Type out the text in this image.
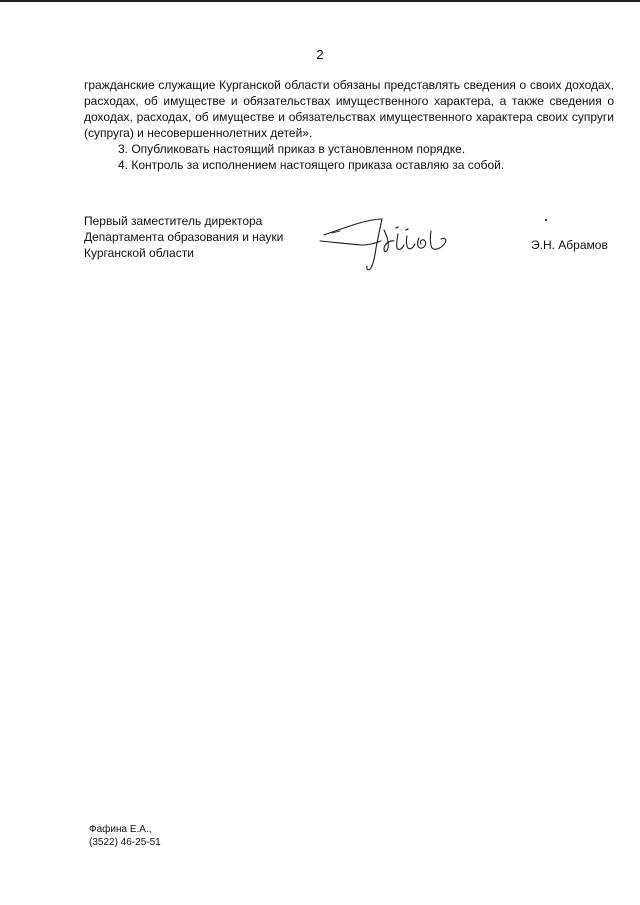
2

гражданские служащие Курганской области обязаны представлять сведения о своих доходах, расходах, об имуществе и обязательствах имущественного характера, а также сведения о доходах, расходах, об имуществе и обязательствах имущественного характера своих супруги (супруга) и несовершеннолетних детей».

3. Опубликовать настоящий приказ в установленном порядке.

4. Контроль за исполнением настоящего приказа оставляю за собой.

Первый заместитель директора
Департамента образования и науки
Курганской области
Э.Н. Абрамов
Фафина Е.А.,
(3522) 46-25-51
